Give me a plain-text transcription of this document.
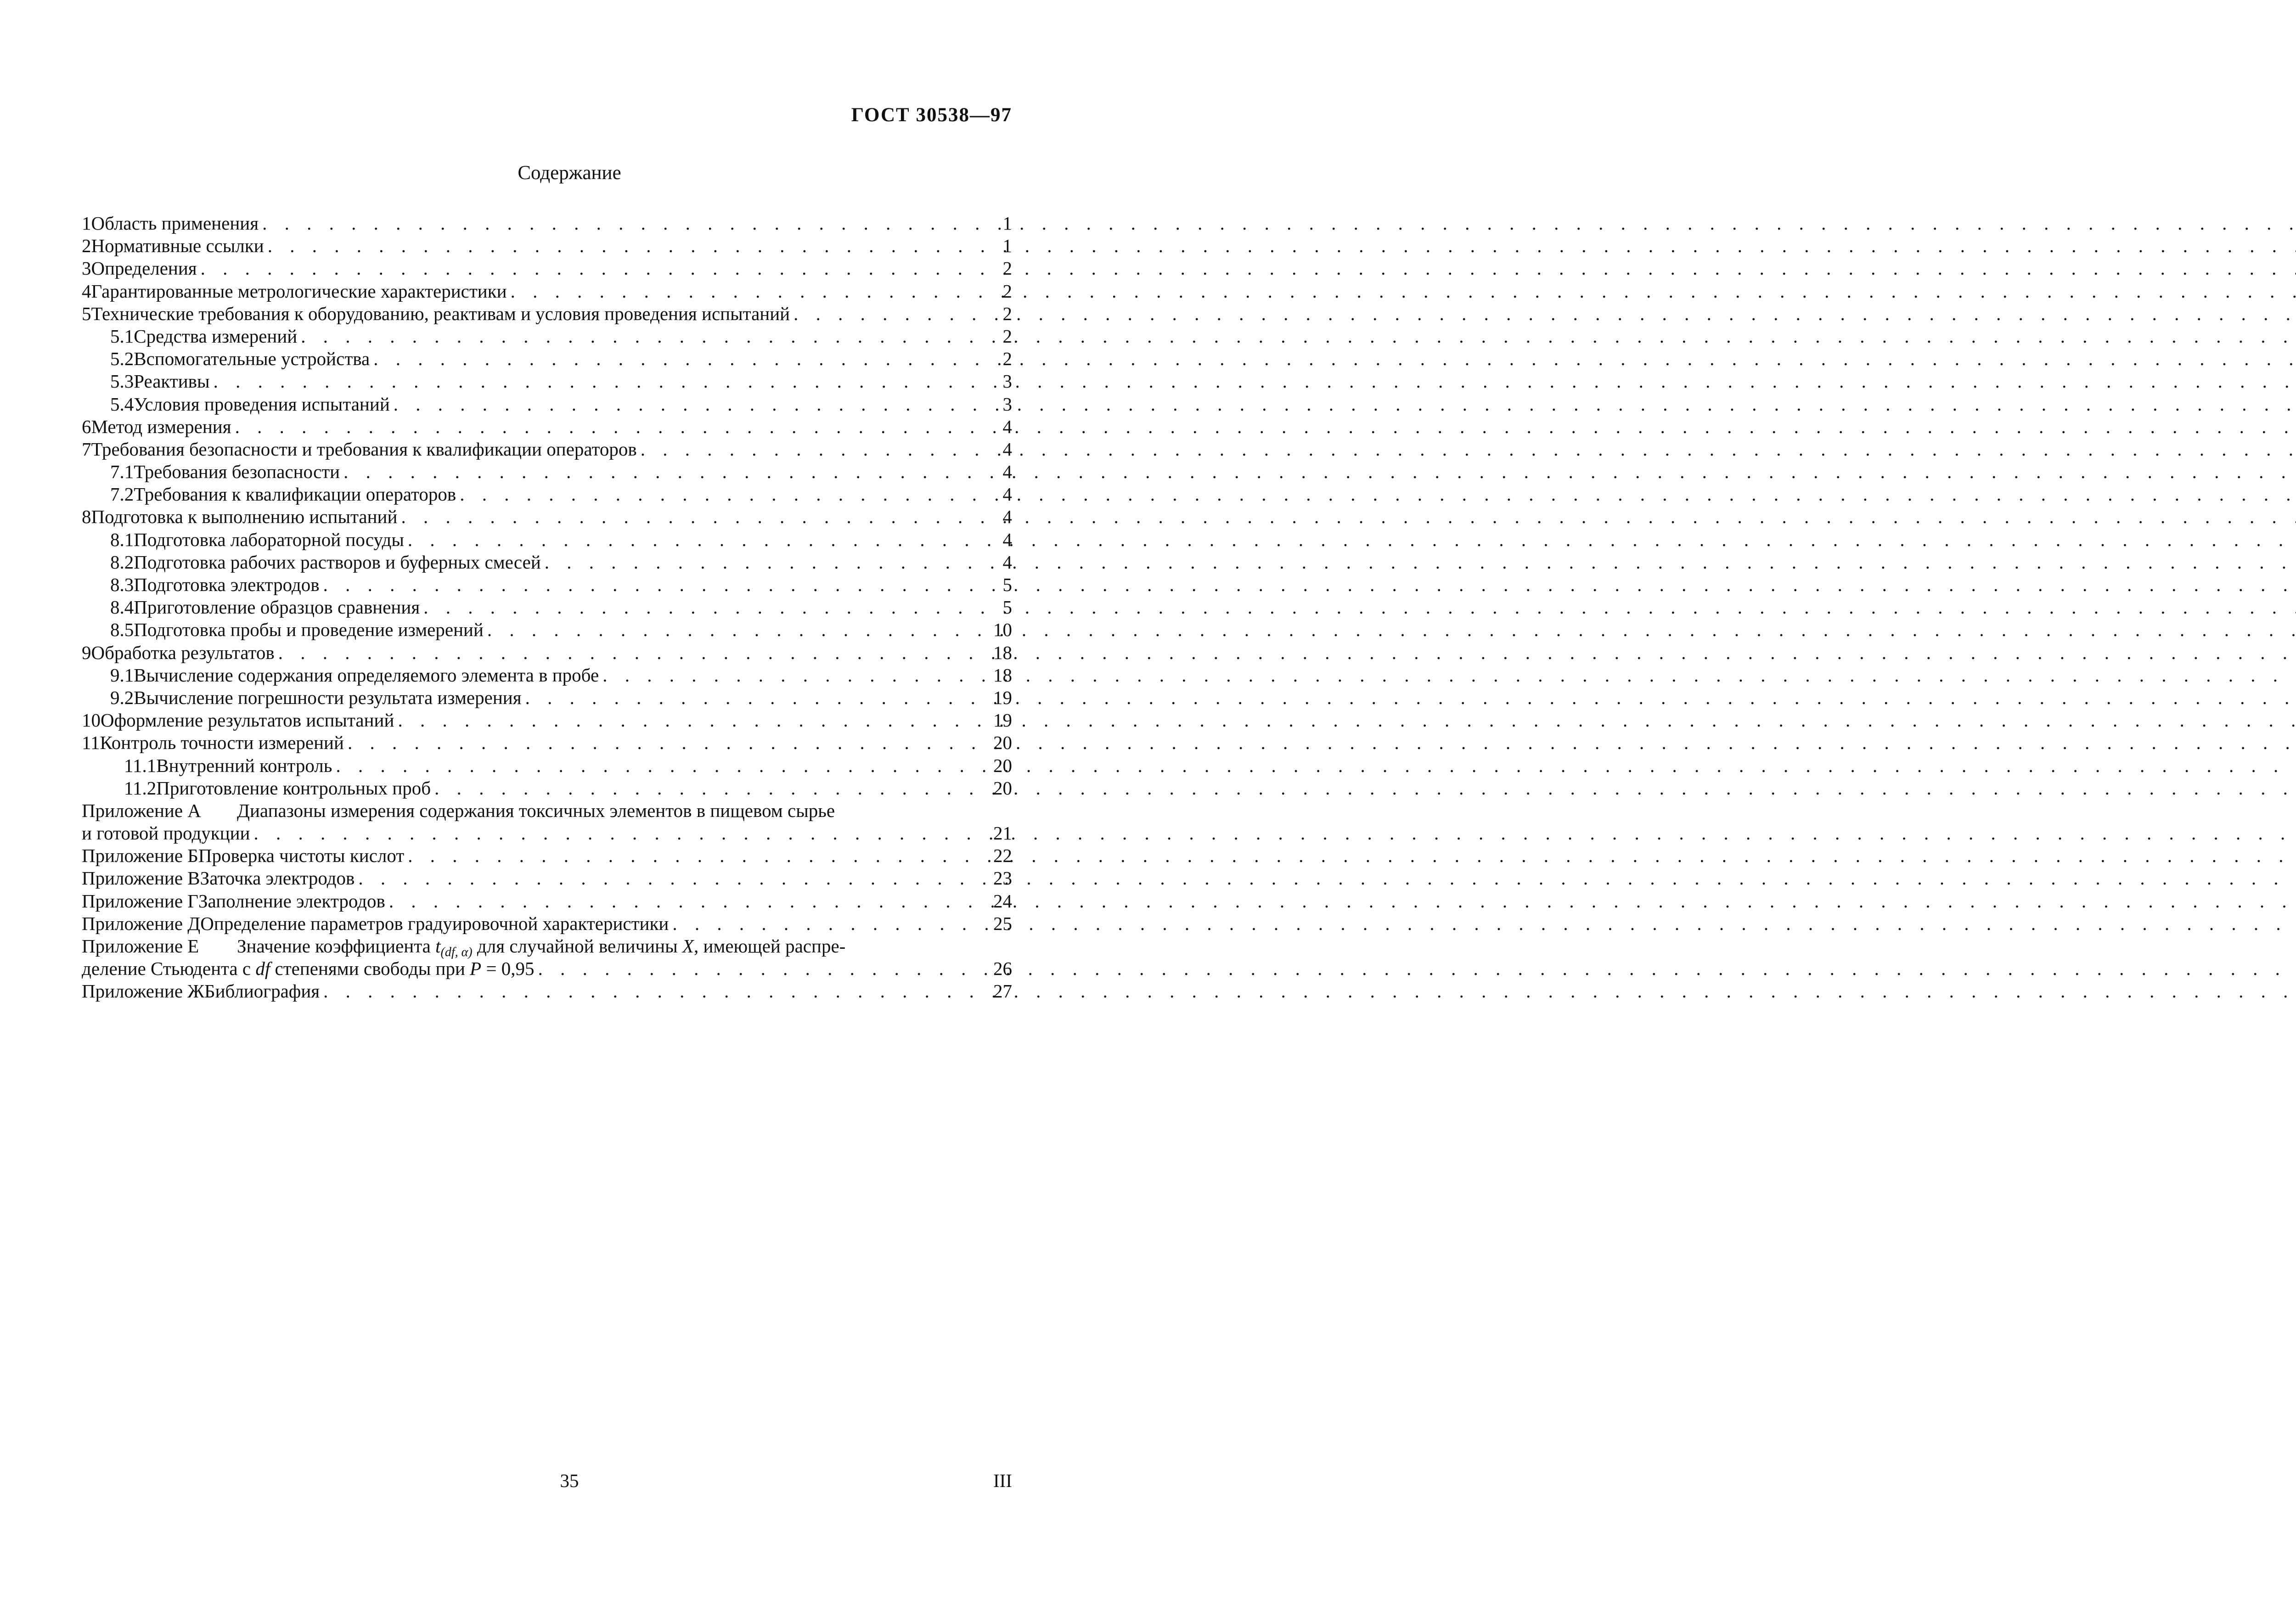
ГОСТ 30538—97
Содержание
1 Область применения . . .	1
2 Нормативные ссылки . . .	1
3 Определения . . .	2
4 Гарантированные метрологические характеристики . . .	2
5 Технические требования к оборудованию, реактивам и условия проведения испытаний . . .	2
5.1 Средства измерений . . .	2
5.2 Вспомогательные устройства . . .	2
5.3 Реактивы . . .	3
5.4 Условия проведения испытаний . . .	3
6 Метод измерения . . .	4
7 Требования безопасности и требования к квалификации операторов . . .	4
7.1 Требования безопасности . . .	4
7.2 Требования к квалификации операторов . . .	4
8 Подготовка к выполнению испытаний . . .	4
8.1 Подготовка лабораторной посуды . . .	4
8.2 Подготовка рабочих растворов и буферных смесей . . .	4
8.3 Подготовка электродов . . .	5
8.4 Приготовление образцов сравнения . . .	5
8.5 Подготовка пробы и проведение измерений . . .	10
9 Обработка результатов . . .	18
9.1 Вычисление содержания определяемого элемента в пробе . . .	18
9.2 Вычисление погрешности результата измерения . . .	19
10 Оформление результатов испытаний . . .	19
11 Контроль точности измерений . . .	20
11.1 Внутренний контроль . . .	20
11.2 Приготовление контрольных проб . . .	20
Приложение А	Диапазоны измерения содержания токсичных элементов в пищевом сырье
и готовой продукции . . .	21
Приложение Б Проверка чистоты кислот . . .	22
Приложение В Заточка электродов . . .	23
Приложение Г Заполнение электродов . . .	24
Приложение Д Определение параметров градуировочной характеристики . . .	25
Приложение Е	Значение коэффициента $t_{(df, \alpha)}$ для случайной величины X, имеющей распре-
деление Стьюдента с df степенями свободы при P = 0,95 . . .	26
Приложение Ж Библиография . . .	27
35	III
